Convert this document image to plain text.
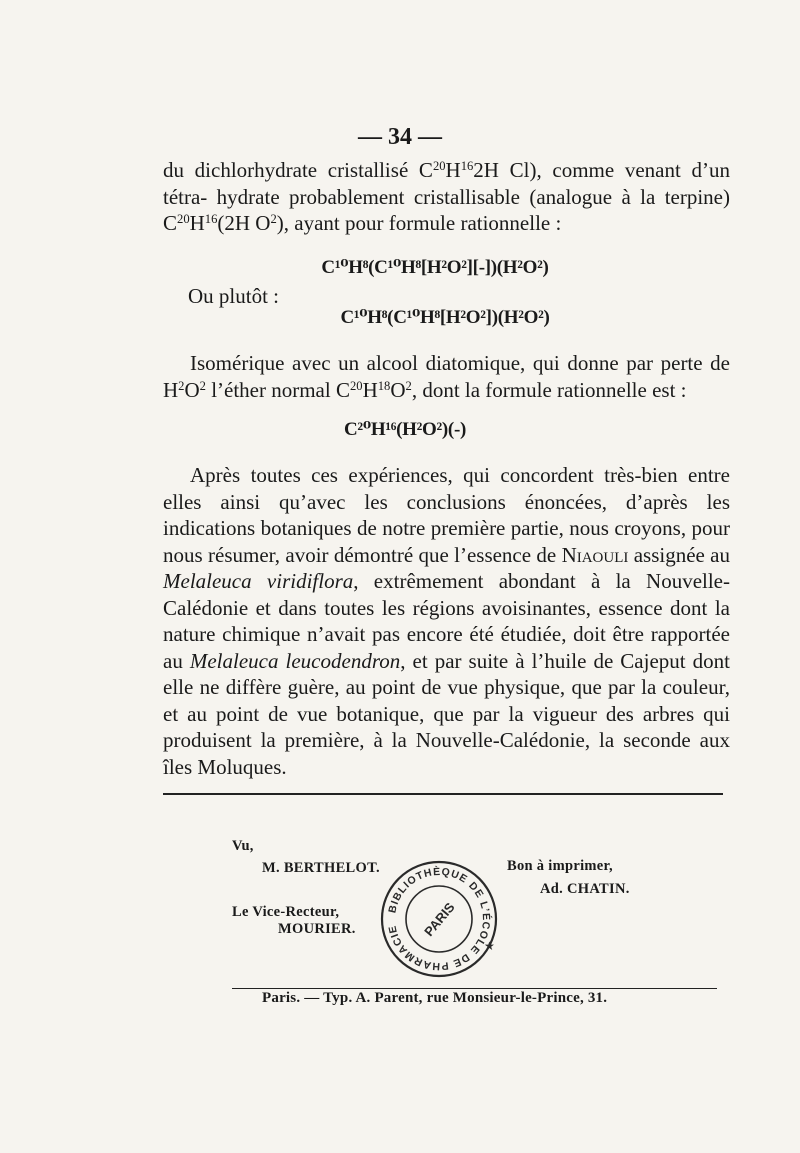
— 34 —
du dichlorhydrate cristallisé $C^{20}H^{16}2H$ Cl), comme venant d’un tétra- hydrate probablement cristallisable (analogue à la terpine) $C^{20}H^{16}(2H$ $O^2$), ayant pour formule rationnelle :
C¹⁰H⁸(C¹⁰H⁸[H²O²][-])(H²O²)
Ou plutôt :
C¹⁰H⁸(C¹⁰H⁸[H²O²])(H²O²)
Isomérique avec un alcool diatomique, qui donne par perte de $H^2O^2$ l’éther normal $C^{20}H^{18}O^2$, dont la formule rationnelle est :
C²⁰H¹⁶(H²O²)(-)
Après toutes ces expériences, qui concordent très-bien entre elles ainsi qu’avec les conclusions énoncées, d’après les indications botaniques de notre première partie, nous croyons, pour nous résumer, avoir démontré que l’essence de Niaouli assignée au Melaleuca viridiflora, extrêmement abondant à la Nouvelle-Calédonie et dans toutes les régions avoisinantes, essence dont la nature chimique n’avait pas encore été étudiée, doit être rapportée au Melaleuca leucodendron, et par suite à l’huile de Cajeput dont elle ne diffère guère, au point de vue physique, que par la couleur, et au point de vue botanique, que par la vigueur des arbres qui produisent la première, à la Nouvelle-Calédonie, la seconde aux îles Moluques.
Vu,
M. BERTHELOT.
Le Vice-Recteur,
MOURIER.
Bon à imprimer,
Ad. CHATIN.
BIBLIOTHÈQUE DE L’ÉCOLE DE PHARMACIE	PARIS
★
Paris. — Typ. A. Parent, rue Monsieur-le-Prince, 31.
